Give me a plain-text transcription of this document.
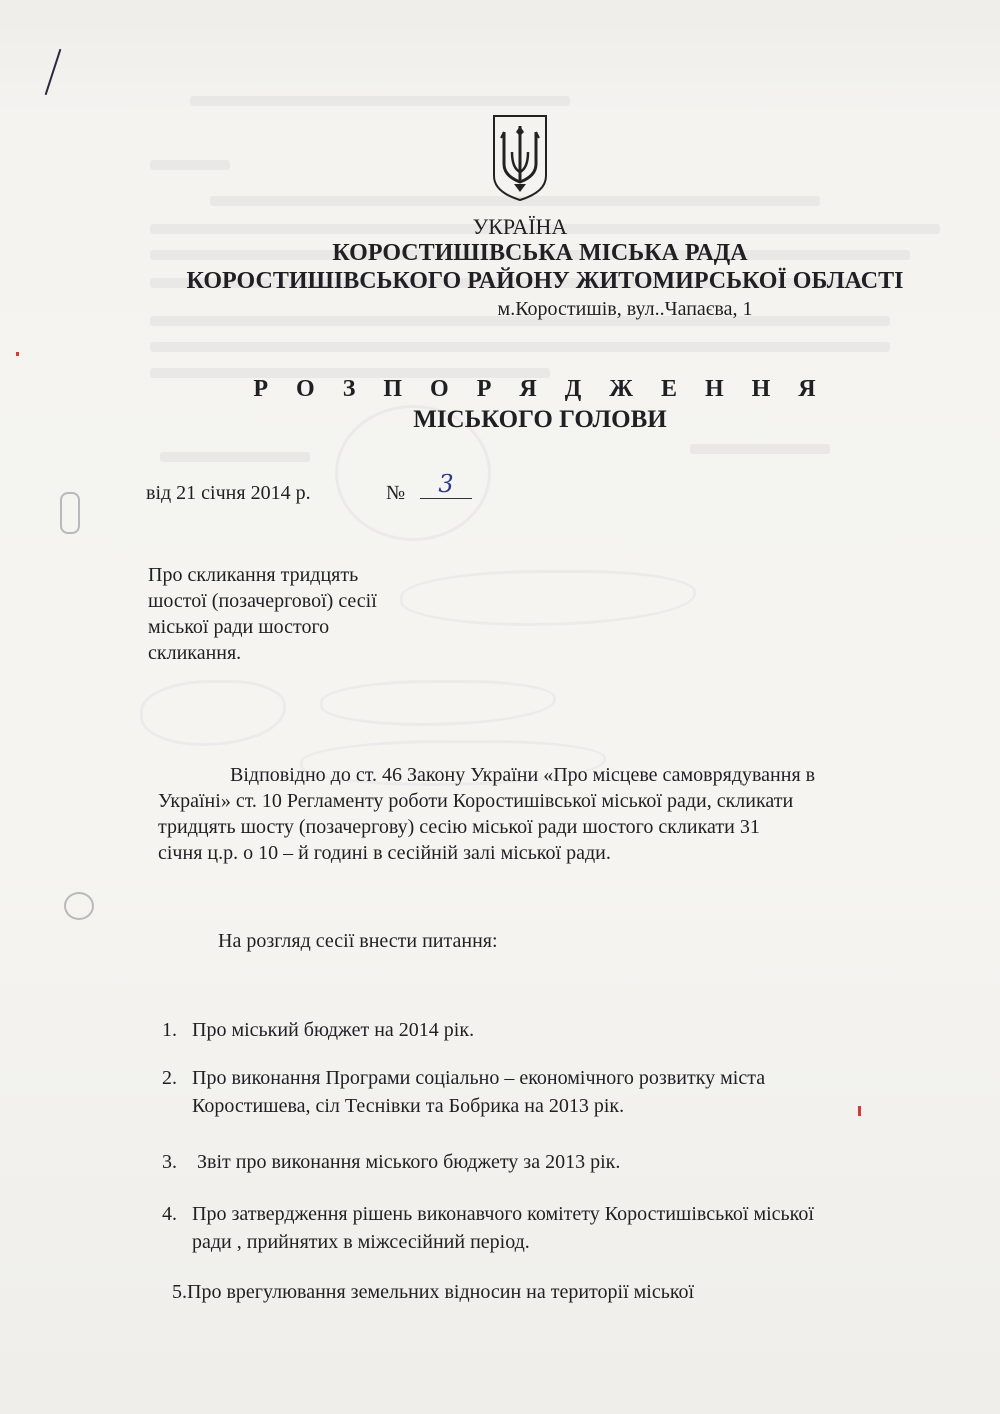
УКРАЇНА
КОРОСТИШІВСЬКА МІСЬКА РАДА
КОРОСТИШІВСЬКОГО РАЙОНУ ЖИТОМИРСЬКОЇ ОБЛАСТІ
м.Коростишів, вул..Чапаєва, 1
Р О З П О Р Я Д Ж Е Н Н Я
МІСЬКОГО ГОЛОВИ
від 21 січня 2014 р.	№	3
Про скликання тридцять
шостої (позачергової) сесії
міської ради шостого
скликання.
Відповідно до ст. 46 Закону України «Про місцеве самоврядування в
Україні» ст. 10 Регламенту роботи Коростишівської міської ради, скликати
тридцять шосту (позачергову) сесію міської ради шостого скликати 31
січня ц.р. о 10 – й годині в сесійній залі міської ради.
На розгляд сесії внести питання:
1. Про міський бюджет на 2014 рік.
2. Про виконання Програми соціально – економічного розвитку міста
Коростишева, сіл Теснівки та Бобрика на 2013 рік.
3. Звіт про виконання міського бюджету за 2013 рік.
4. Про затвердження рішень виконавчого комітету Коростишівської міської
ради , прийнятих в міжсесійний період.
5.Про врегулювання земельних відносин на території міської
